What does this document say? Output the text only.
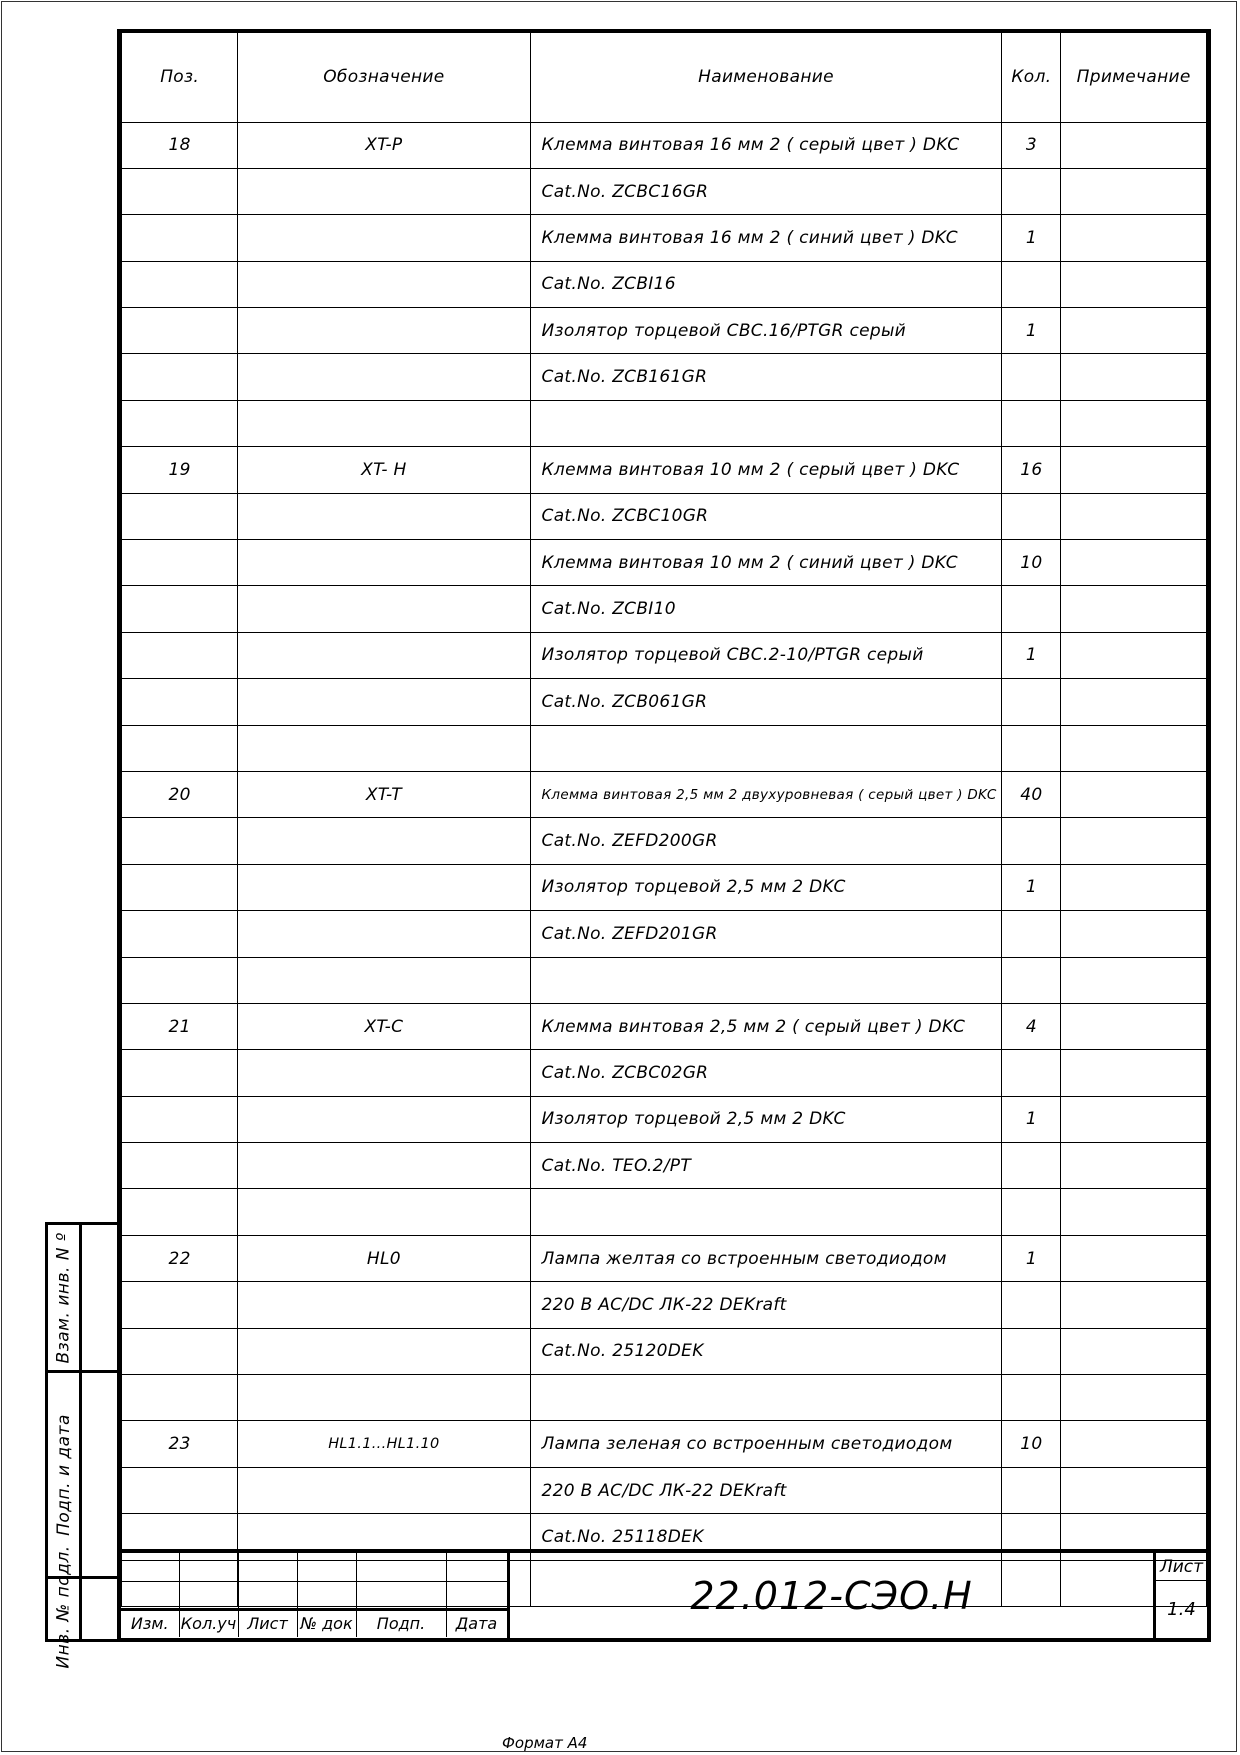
Поз.	Обозначение	Наименование	Кол.	Примечание
18	XT-P	Клемма винтовая 16 мм 2 ( серый цвет ) DKC	3	
		Cat.No. ZCBC16GR		
		Клемма винтовая 16 мм 2 ( синий цвет ) DKC	1	
		Cat.No. ZCBI16		
		Изолятор торцевой CBC.16/PTGR серый	1	
		Cat.No. ZCB161GR		

19	XT- H	Клемма винтовая 10 мм 2 ( серый цвет ) DKC	16	
		Cat.No. ZCBC10GR		
		Клемма винтовая 10 мм 2 ( синий цвет ) DKC	10	
		Cat.No. ZCBI10		
		Изолятор торцевой CBC.2-10/PTGR серый	1	
		Cat.No. ZCB061GR		

20	XT-T	Клемма винтовая 2,5 мм 2 двухуровневая ( серый цвет ) DKC	40	
		Cat.No. ZEFD200GR		
		Изолятор торцевой 2,5 мм 2 DKC	1	
		Cat.No. ZEFD201GR		

21	XT-C	Клемма винтовая 2,5 мм 2 ( серый цвет ) DKC	4	
		Cat.No. ZCBC02GR		
		Изолятор торцевой 2,5 мм 2 DKC	1	
		Cat.No. TEO.2/PT		

22	HL0	Лампа желтая со встроенным светодиодом	1	
		220 В AC/DC ЛК-22 DEKraft		
		Cat.No. 25120DEK		

23	HL1.1...HL1.10	Лампа зеленая со встроенным светодиодом	10	
		220 В AC/DC ЛК-22 DEKraft		
		Cat.No. 25118DEK		

Изм.	Кол.уч	Лист	№ док	Подп.	Дата
22.012-СЭО.Н
Лист
1.4
Взам. инв. N º
Подп. и дата
Инв. № подл.
Формат А4
